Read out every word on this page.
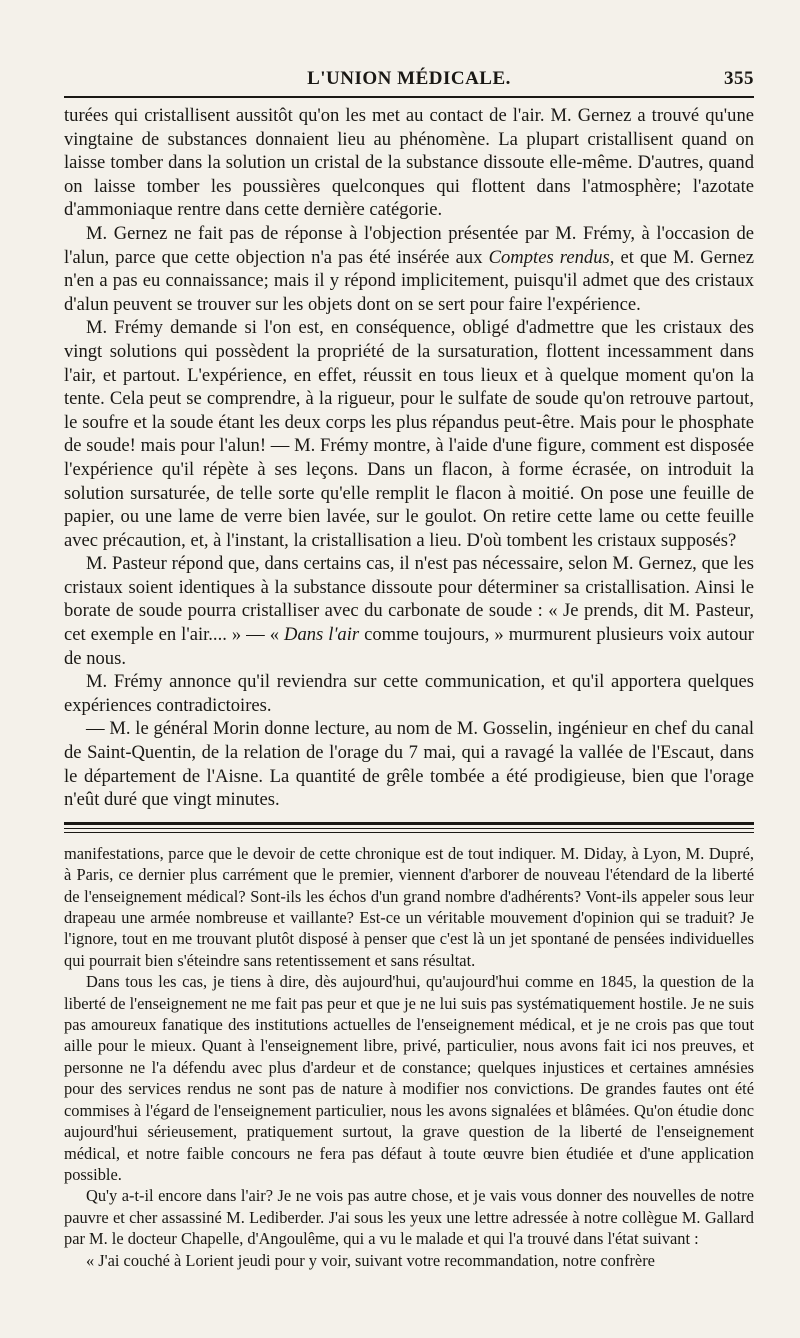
L'UNION MÉDICALE.	355

turées qui cristallisent aussitôt qu'on les met au contact de l'air. M. Gernez a trouvé qu'une vingtaine de substances donnaient lieu au phénomène. La plupart cristallisent quand on laisse tomber dans la solution un cristal de la substance dissoute elle-même. D'autres, quand on laisse tomber les poussières quelconques qui flottent dans l'atmosphère; l'azotate d'ammoniaque rentre dans cette dernière catégorie.

M. Gernez ne fait pas de réponse à l'objection présentée par M. Frémy, à l'occasion de l'alun, parce que cette objection n'a pas été insérée aux Comptes rendus, et que M. Gernez n'en a pas eu connaissance; mais il y répond implicitement, puisqu'il admet que des cristaux d'alun peuvent se trouver sur les objets dont on se sert pour faire l'expérience.

M. Frémy demande si l'on est, en conséquence, obligé d'admettre que les cristaux des vingt solutions qui possèdent la propriété de la sursaturation, flottent incessamment dans l'air, et partout. L'expérience, en effet, réussit en tous lieux et à quelque moment qu'on la tente. Cela peut se comprendre, à la rigueur, pour le sulfate de soude qu'on retrouve partout, le soufre et la soude étant les deux corps les plus répandus peut-être. Mais pour le phosphate de soude! mais pour l'alun! — M. Frémy montre, à l'aide d'une figure, comment est disposée l'expérience qu'il répète à ses leçons. Dans un flacon, à forme écrasée, on introduit la solution sursaturée, de telle sorte qu'elle remplit le flacon à moitié. On pose une feuille de papier, ou une lame de verre bien lavée, sur le goulot. On retire cette lame ou cette feuille avec précaution, et, à l'instant, la cristallisation a lieu. D'où tombent les cristaux supposés?

M. Pasteur répond que, dans certains cas, il n'est pas nécessaire, selon M. Gernez, que les cristaux soient identiques à la substance dissoute pour déterminer sa cristallisation. Ainsi le borate de soude pourra cristalliser avec du carbonate de soude : « Je prends, dit M. Pasteur, cet exemple en l'air.... » — « Dans l'air comme toujours, » murmurent plusieurs voix autour de nous.

M. Frémy annonce qu'il reviendra sur cette communication, et qu'il apportera quelques expériences contradictoires.

— M. le général Morin donne lecture, au nom de M. Gosselin, ingénieur en chef du canal de Saint-Quentin, de la relation de l'orage du 7 mai, qui a ravagé la vallée de l'Escaut, dans le département de l'Aisne. La quantité de grêle tombée a été prodigieuse, bien que l'orage n'eût duré que vingt minutes.

manifestations, parce que le devoir de cette chronique est de tout indiquer. M. Diday, à Lyon, M. Dupré, à Paris, ce dernier plus carrément que le premier, viennent d'arborer de nouveau l'étendard de la liberté de l'enseignement médical? Sont-ils les échos d'un grand nombre d'adhérents? Vont-ils appeler sous leur drapeau une armée nombreuse et vaillante? Est-ce un véritable mouvement d'opinion qui se traduit? Je l'ignore, tout en me trouvant plutôt disposé à penser que c'est là un jet spontané de pensées individuelles qui pourrait bien s'éteindre sans retentissement et sans résultat.

Dans tous les cas, je tiens à dire, dès aujourd'hui, qu'aujourd'hui comme en 1845, la question de la liberté de l'enseignement ne me fait pas peur et que je ne lui suis pas systématiquement hostile. Je ne suis pas amoureux fanatique des institutions actuelles de l'enseignement médical, et je ne crois pas que tout aille pour le mieux. Quant à l'enseignement libre, privé, particulier, nous avons fait ici nos preuves, et personne ne l'a défendu avec plus d'ardeur et de constance; quelques injustices et certaines amnésies pour des services rendus ne sont pas de nature à modifier nos convictions. De grandes fautes ont été commises à l'égard de l'enseignement particulier, nous les avons signalées et blâmées. Qu'on étudie donc aujourd'hui sérieusement, pratiquement surtout, la grave question de la liberté de l'enseignement médical, et notre faible concours ne fera pas défaut à toute œuvre bien étudiée et d'une application possible.

Qu'y a-t-il encore dans l'air? Je ne vois pas autre chose, et je vais vous donner des nouvelles de notre pauvre et cher assassiné M. Lediberder. J'ai sous les yeux une lettre adressée à notre collègue M. Gallard par M. le docteur Chapelle, d'Angoulême, qui a vu le malade et qui l'a trouvé dans l'état suivant :

« J'ai couché à Lorient jeudi pour y voir, suivant votre recommandation, notre confrère
